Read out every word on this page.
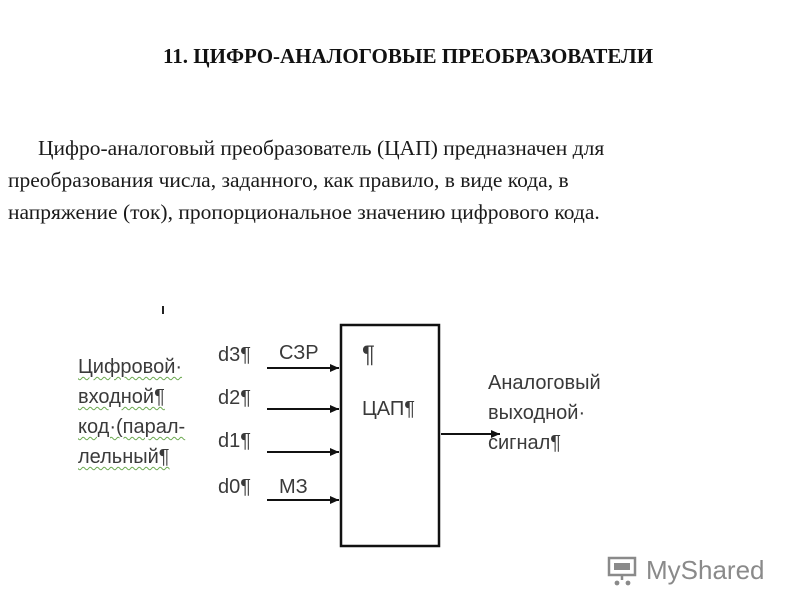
11. ЦИФРО-АНАЛОГОВЫЕ ПРЕОБРАЗОВАТЕЛИ
Цифро-аналоговый преобразователь (ЦАП) предназначен для
преобразования числа, заданного, как правило, в виде кода, в
напряжение (ток), пропорциональное значению цифрового кода.
Цифровой·
входной¶
код·(парал-
лельный¶
d3¶
d2¶
d1¶
d0¶
СЗР
МЗ
¶
ЦАП¶
Аналоговый
выходной·
сигнал¶
MyShared
